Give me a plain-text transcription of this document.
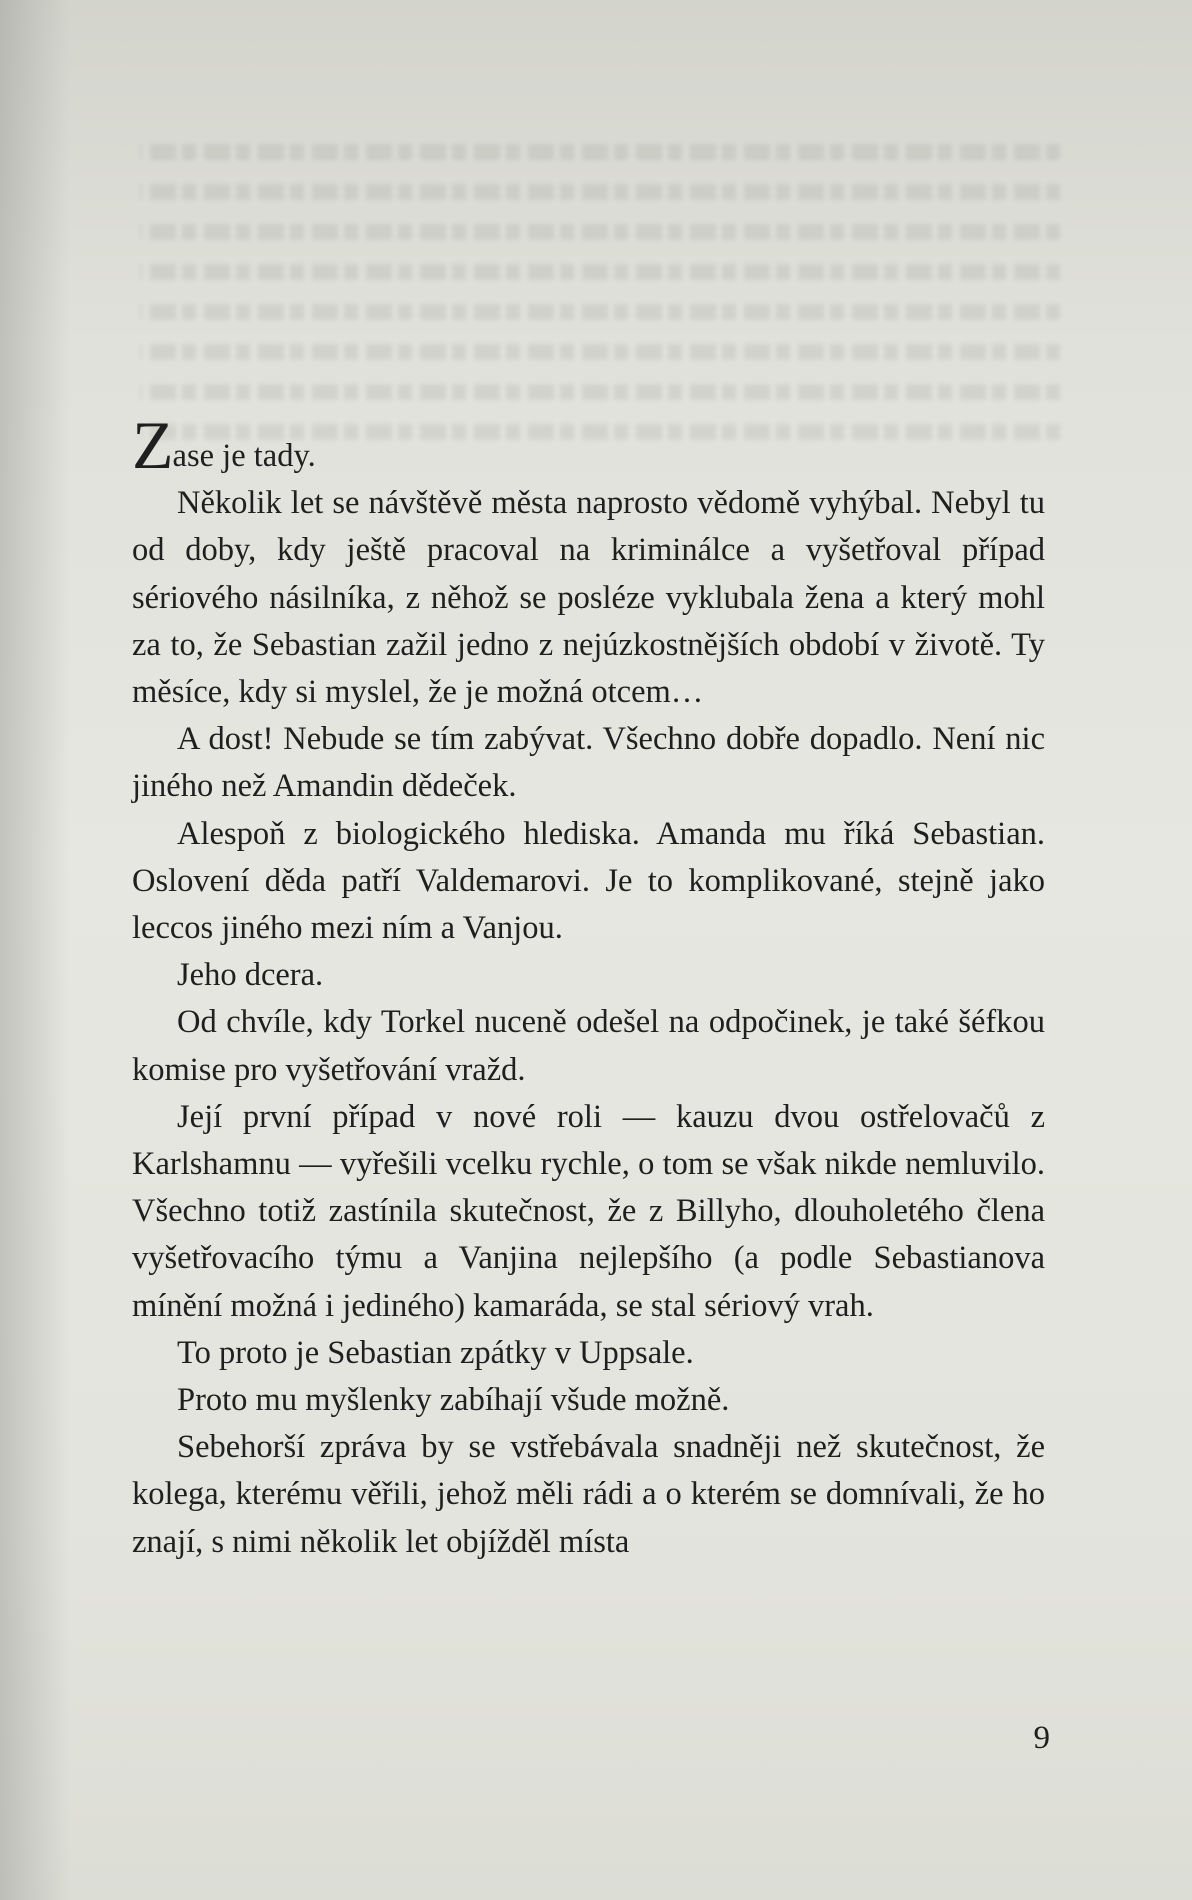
Zase je tady.

Několik let se návštěvě města naprosto vědomě vyhýbal. Nebyl tu od doby, kdy ještě pracoval na kriminálce a vyšetřoval případ sériového násilníka, z něhož se posléze vyklubala žena a který mohl za to, že Sebastian zažil jedno z nejúzkostnějších období v životě. Ty měsíce, kdy si myslel, že je možná otcem…

A dost! Nebude se tím zabývat. Všechno dobře dopadlo. Není nic jiného než Amandin dědeček.

Alespoň z biologického hlediska. Amanda mu říká Sebastian. Oslovení děda patří Valdemarovi. Je to komplikované, stejně jako leccos jiného mezi ním a Vanjou.

Jeho dcera.

Od chvíle, kdy Torkel nuceně odešel na odpočinek, je také šéfkou komise pro vyšetřování vražd.

Její první případ v nové roli — kauzu dvou ostřelovačů z Karlshamnu — vyřešili vcelku rychle, o tom se však nikde nemluvilo. Všechno totiž zastínila skutečnost, že z Billyho, dlouholetého člena vyšetřovacího týmu a Vanjina nejlepšího (a podle Sebastianova mínění možná i jediného) kamaráda, se stal sériový vrah.

To proto je Sebastian zpátky v Uppsale.

Proto mu myšlenky zabíhají všude možně.

Sebehorší zpráva by se vstřebávala snadněji než skutečnost, že kolega, kterému věřili, jehož měli rádi a o kterém se domnívali, že ho znají, s nimi několik let objížděl místa

9
